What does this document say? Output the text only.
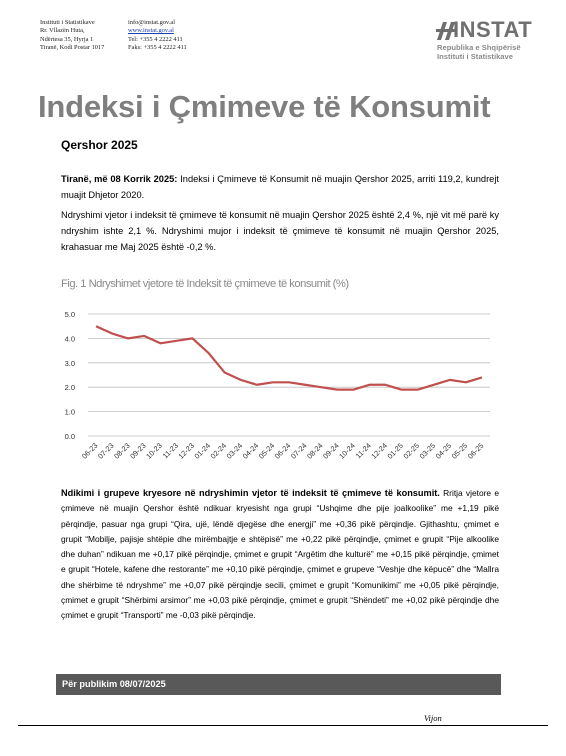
Instituti i Statistikave
Rr. Vllazën Huta,
Ndërtesa 35, Hyrja 1
Tiranë, Kodi Postar 1017
info@instat.gov.al
www.instat.gov.al
Tel: +355 4 2222 411
Faks: +355 4 2222 411
INSTAT
Republika e Shqipërisë
Instituti i Statistikave
Indeksi i Çmimeve të Konsumit
Qershor 2025
Tiranë, më 08 Korrik 2025: Indeksi i Çmimeve të Konsumit në muajin Qershor 2025, arriti 119,2, kundrejt muajit Dhjetor 2020.
Ndryshimi vjetor i indeksit të çmimeve të konsumit në muajin Qershor 2025 është 2,4 %, një vit më parë ky ndryshim ishte 2,1 %. Ndryshimi mujor i indeksit të çmimeve të konsumit në muajin Qershor 2025, krahasuar me Maj 2025 është -0,2 %.
Fig. 1 Ndryshimet vjetore të Indeksit të çmimeve të konsumit (%)
0.0
1.0
2.0
3.0
4.0
5.0
06-23
07-23
08-23
09-23
10-23
11-23
12-23
01-24
02-24
03-24
04-24
05-24
06-24
07-24
08-24
09-24
10-24
11-24
12-24
01-25
02-25
03-25
04-25
05-25
06-25
Ndikimi i grupeve kryesore në ndryshimin vjetor të indeksit të çmimeve të konsumit. Rritja vjetore e çmimeve në muajin Qershor është ndikuar kryesisht nga grupi “Ushqime dhe pije joalkoolike” me +1,19 pikë përqindje, pasuar nga grupi “Qira, ujë, lëndë djegëse dhe energji” me +0,36 pikë përqindje. Gjithashtu, çmimet e grupit “Mobilje, pajisje shtëpie dhe mirëmbajtje e shtëpisë” me +0,22 pikë përqindje, çmimet e grupit “Pije alkoolike dhe duhan” ndikuan me +0,17 pikë përqindje, çmimet e grupit “Argëtim dhe kulturë” me +0,15 pikë përqindje, çmimet e grupit “Hotele, kafene dhe restorante” me +0,10 pikë përqindje, çmimet e grupeve “Veshje dhe këpucë” dhe “Mallra dhe shërbime të ndryshme” me +0,07 pikë përqindje secili, çmimet e grupit “Komunikimi” me +0,05 pikë përqindje, çmimet e grupit “Shërbimi arsimor” me +0,03 pikë përqindje, çmimet e grupit “Shëndeti” me +0,02 pikë përqindje dhe çmimet e grupit “Transporti” me -0,03 pikë përqindje.
Për publikim 08/07/2025
Vijon
